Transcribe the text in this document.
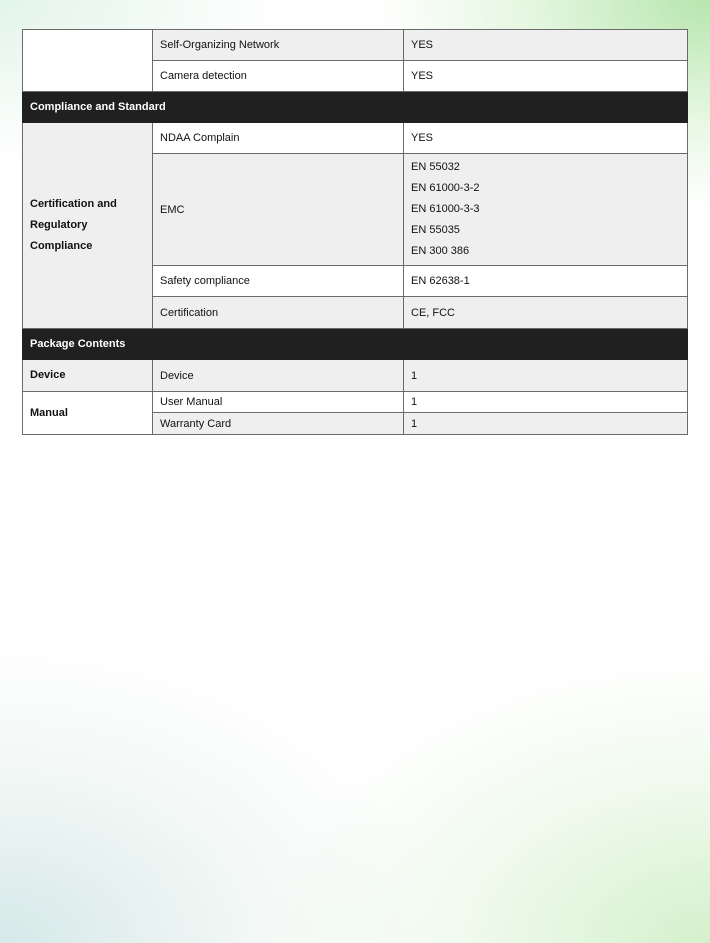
	Self-Organizing Network	YES
	Camera detection	YES
Compliance and Standard		
Certification and Regulatory Compliance	NDAA Complain	YES
	EMC	EN 55032
EN 61000-3-2
EN 61000-3-3
EN 55035
EN 300 386

	Safety compliance	EN 62638-1
	Certification	CE, FCC
Package Contents		
Device	Device	1
Manual	User Manual	1
	Warranty Card	1
